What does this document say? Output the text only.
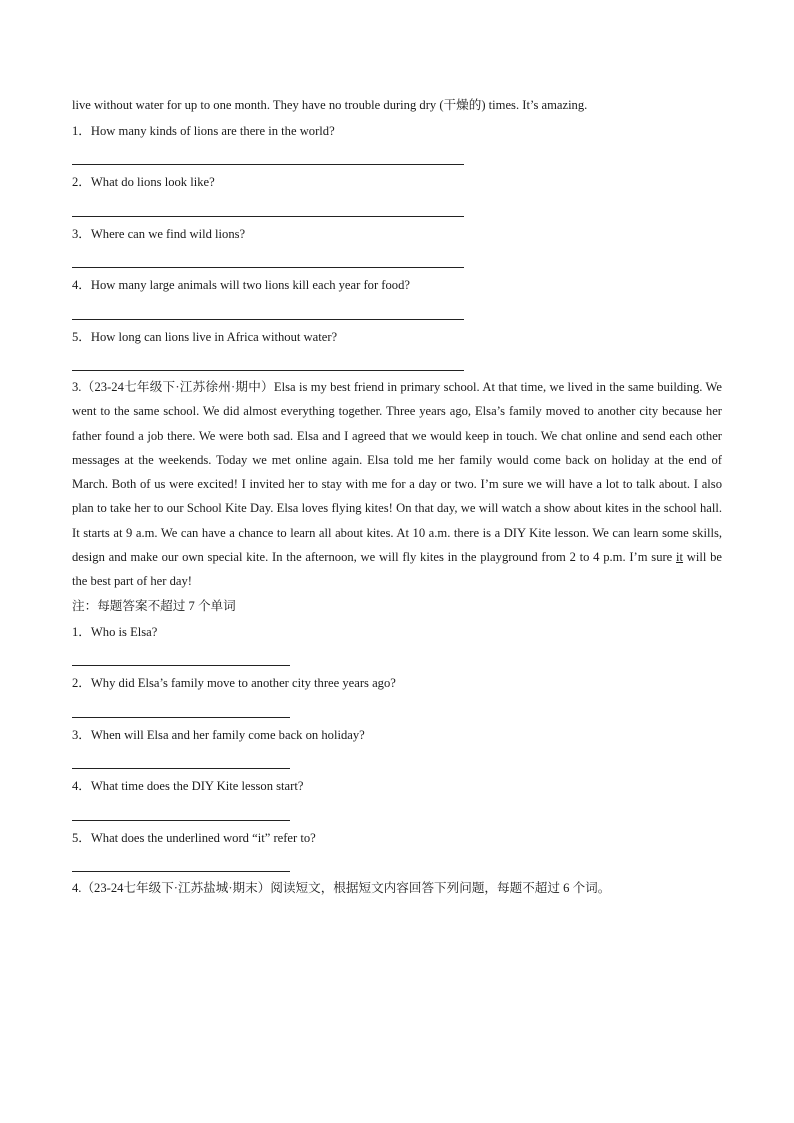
live without water for up to one month. They have no trouble during dry (干燥的) times. It’s amazing.
1．How many kinds of lions are there in the world?
2．What do lions look like?
3．Where can we find wild lions?
4．How many large animals will two lions kill each year for food?
5．How long can lions live in Africa without water?
3.（23-24七年级下·江苏徐州·期中）Elsa is my best friend in primary school. At that time, we lived in the same building. We went to the same school. We did almost everything together. Three years ago, Elsa’s family moved to another city because her father found a job there. We were both sad. Elsa and I agreed that we would keep in touch. We chat online and send each other messages at the weekends. Today we met online again. Elsa told me her family would come back on holiday at the end of March. Both of us were excited! I invited her to stay with me for a day or two. I’m sure we will have a lot to talk about. I also plan to take her to our School Kite Day. Elsa loves flying kites! On that day, we will watch a show about kites in the school hall. It starts at 9 a.m. We can have a chance to learn all about kites. At 10 a.m. there is a DIY Kite lesson. We can learn some skills, design and make our own special kite. In the afternoon, we will fly kites in the playground from 2 to 4 p.m. I’m sure it will be the best part of her day!
注：每题答案不超过 7 个单词
1．Who is Elsa?
2．Why did Elsa’s family move to another city three years ago?
3．When will Elsa and her family come back on holiday?
4．What time does the DIY Kite lesson start?
5．What does the underlined word “it” refer to?
4.（23-24七年级下·江苏盐城·期末）阅读短文，根据短文内容回答下列问题，每题不超过 6 个词。
